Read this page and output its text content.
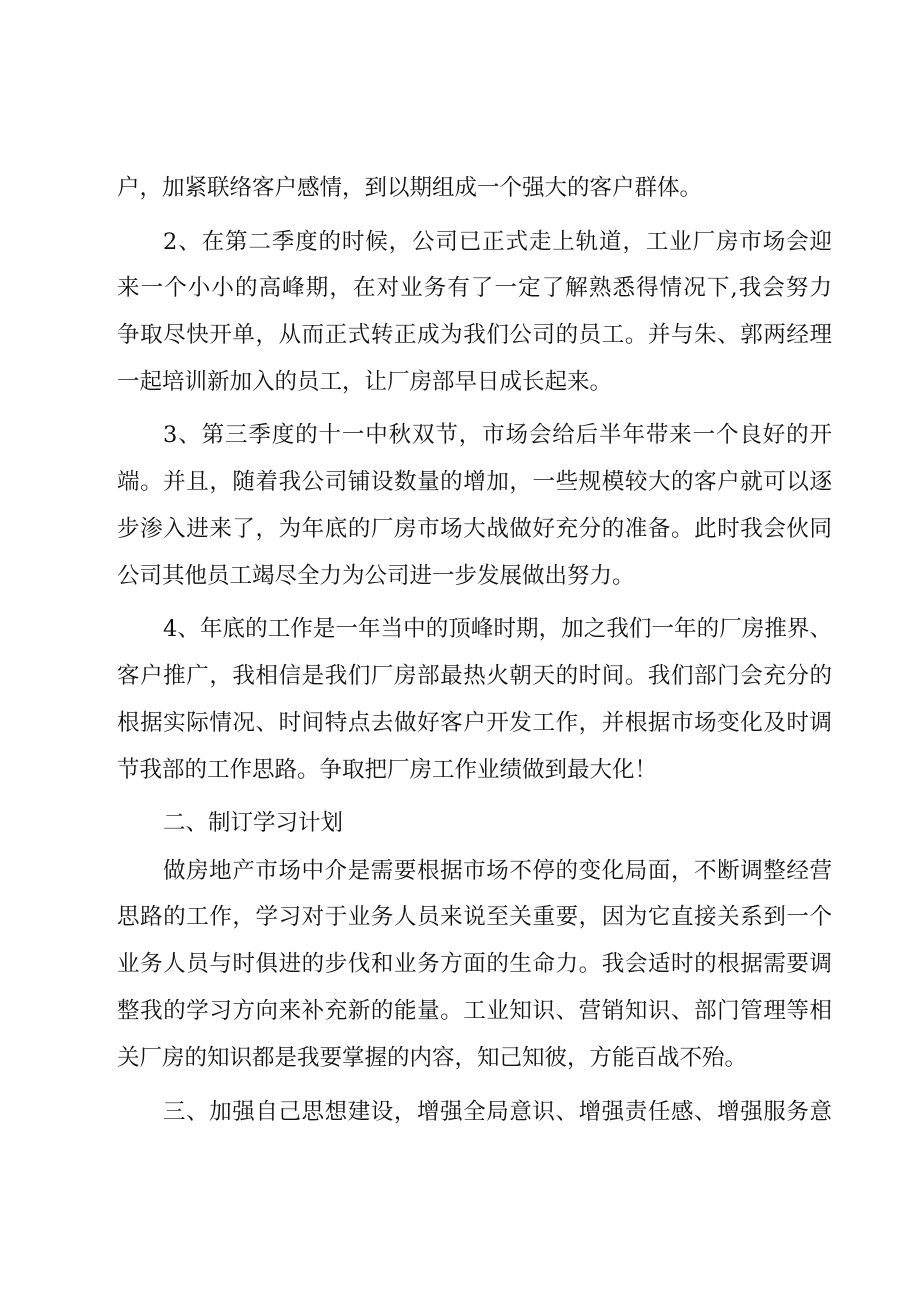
户，加紧联络客户感情，到以期组成一个强大的客户群体。
2、在第二季度的时候，公司已正式走上轨道，工业厂房市场会迎
来一个小小的高峰期，在对业务有了一定了解熟悉得情况下,我会努力
争取尽快开单，从而正式转正成为我们公司的员工。并与朱、郭两经理
一起培训新加入的员工，让厂房部早日成长起来。
3、第三季度的十一中秋双节，市场会给后半年带来一个良好的开
端。并且，随着我公司铺设数量的增加，一些规模较大的客户就可以逐
步渗入进来了，为年底的厂房市场大战做好充分的准备。此时我会伙同
公司其他员工竭尽全力为公司进一步发展做出努力。
4、年底的工作是一年当中的顶峰时期，加之我们一年的厂房推界、
客户推广，我相信是我们厂房部最热火朝天的时间。我们部门会充分的
根据实际情况、时间特点去做好客户开发工作，并根据市场变化及时调
节我部的工作思路。争取把厂房工作业绩做到最大化！
二、制订学习计划
做房地产市场中介是需要根据市场不停的变化局面，不断调整经营
思路的工作，学习对于业务人员来说至关重要，因为它直接关系到一个
业务人员与时俱进的步伐和业务方面的生命力。我会适时的根据需要调
整我的学习方向来补充新的能量。工业知识、营销知识、部门管理等相
关厂房的知识都是我要掌握的内容，知己知彼，方能百战不殆。
三、加强自己思想建设，增强全局意识、增强责任感、增强服务意
